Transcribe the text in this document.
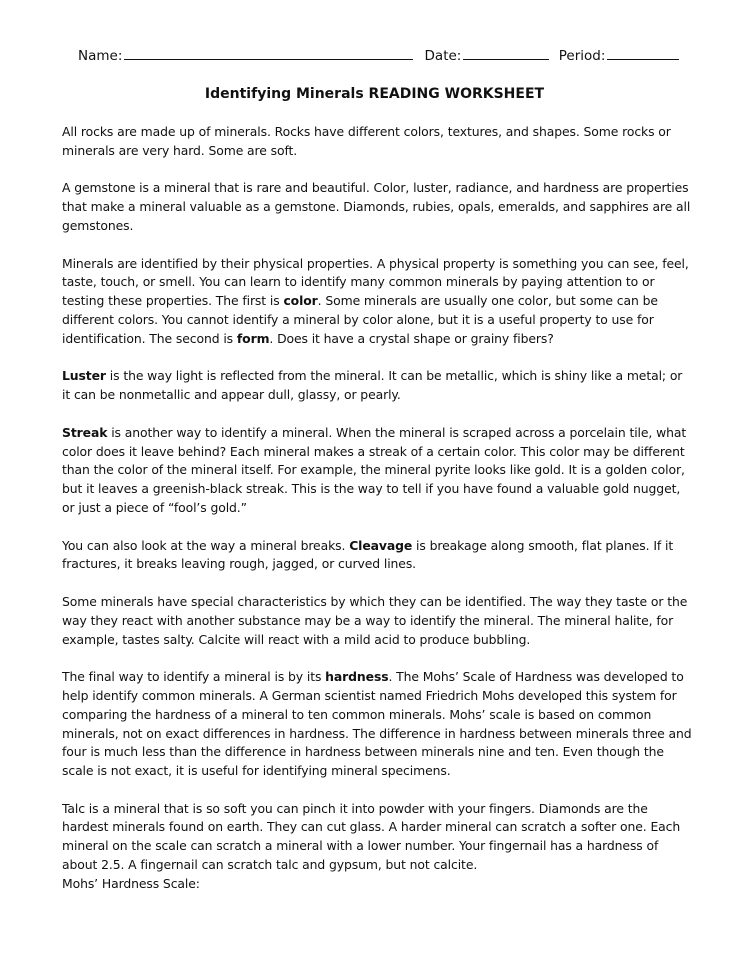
Name:	Date:	Period:
Identifying Minerals READING WORKSHEET

All rocks are made up of minerals. Rocks have different colors, textures, and shapes. Some rocks or minerals are very hard. Some are soft.

A gemstone is a mineral that is rare and beautiful. Color, luster, radiance, and hardness are properties that make a mineral valuable as a gemstone. Diamonds, rubies, opals, emeralds, and sapphires are all gemstones.

Minerals are identified by their physical properties. A physical property is something you can see, feel, taste, touch, or smell. You can learn to identify many common minerals by paying attention to or testing these properties. The first is color. Some minerals are usually one color, but some can be different colors. You cannot identify a mineral by color alone, but it is a useful property to use for identification. The second is form. Does it have a crystal shape or grainy fibers?

Luster is the way light is reflected from the mineral. It can be metallic, which is shiny like a metal; or it can be nonmetallic and appear dull, glassy, or pearly.

Streak is another way to identify a mineral. When the mineral is scraped across a porcelain tile, what color does it leave behind? Each mineral makes a streak of a certain color. This color may be different than the color of the mineral itself. For example, the mineral pyrite looks like gold. It is a golden color, but it leaves a greenish-black streak. This is the way to tell if you have found a valuable gold nugget, or just a piece of “fool’s gold.”

You can also look at the way a mineral breaks. Cleavage is breakage along smooth, flat planes. If it fractures, it breaks leaving rough, jagged, or curved lines.

Some minerals have special characteristics by which they can be identified. The way they taste or the way they react with another substance may be a way to identify the mineral. The mineral halite, for example, tastes salty. Calcite will react with a mild acid to produce bubbling.

The final way to identify a mineral is by its hardness. The Mohs’ Scale of Hardness was developed to help identify common minerals. A German scientist named Friedrich Mohs developed this system for comparing the hardness of a mineral to ten common minerals. Mohs’ scale is based on common minerals, not on exact differences in hardness. The difference in hardness between minerals three and four is much less than the difference in hardness between minerals nine and ten. Even though the scale is not exact, it is useful for identifying mineral specimens.

Talc is a mineral that is so soft you can pinch it into powder with your fingers. Diamonds are the hardest minerals found on earth. They can cut glass. A harder mineral can scratch a softer one. Each mineral on the scale can scratch a mineral with a lower number. Your fingernail has a hardness of about 2.5. A fingernail can scratch talc and gypsum, but not calcite.

Mohs’ Hardness Scale:
